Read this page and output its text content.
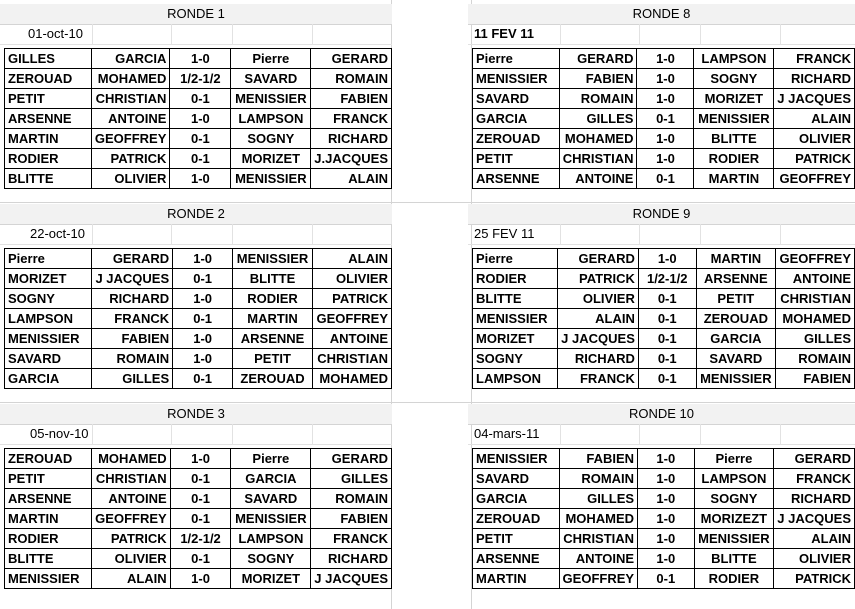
RONDE 1
01-oct-10
GILLES	GARCIA	1-0	Pierre	GERARD
ZEROUAD	MOHAMED	1/2-1/2	SAVARD	ROMAIN
PETIT	CHRISTIAN	0-1	MENISSIER	FABIEN
ARSENNE	ANTOINE	1-0	LAMPSON	FRANCK
MARTIN	GEOFFREY	0-1	SOGNY	RICHARD
RODIER	PATRICK	0-1	MORIZET	J.JACQUES
BLITTE	OLIVIER	1-0	MENISSIER	ALAIN
RONDE 8
11 FEV 11
Pierre	GERARD	1-0	LAMPSON	FRANCK
MENISSIER	FABIEN	1-0	SOGNY	RICHARD
SAVARD	ROMAIN	1-0	MORIZET	J JACQUES
GARCIA	GILLES	0-1	MENISSIER	ALAIN
ZEROUAD	MOHAMED	1-0	BLITTE	OLIVIER
PETIT	CHRISTIAN	1-0	RODIER	PATRICK
ARSENNE	ANTOINE	0-1	MARTIN	GEOFFREY
RONDE 2
22-oct-10
Pierre	GERARD	1-0	MENISSIER	ALAIN
MORIZET	J JACQUES	0-1	BLITTE	OLIVIER
SOGNY	RICHARD	1-0	RODIER	PATRICK
LAMPSON	FRANCK	0-1	MARTIN	GEOFFREY
MENISSIER	FABIEN	1-0	ARSENNE	ANTOINE
SAVARD	ROMAIN	1-0	PETIT	CHRISTIAN
GARCIA	GILLES	0-1	ZEROUAD	MOHAMED
RONDE 9
25 FEV 11
Pierre	GERARD	1-0	MARTIN	GEOFFREY
RODIER	PATRICK	1/2-1/2	ARSENNE	ANTOINE
BLITTE	OLIVIER	0-1	PETIT	CHRISTIAN
MENISSIER	ALAIN	0-1	ZEROUAD	MOHAMED
MORIZET	J JACQUES	0-1	GARCIA	GILLES
SOGNY	RICHARD	0-1	SAVARD	ROMAIN
LAMPSON	FRANCK	0-1	MENISSIER	FABIEN
RONDE 3
05-nov-10
ZEROUAD	MOHAMED	1-0	Pierre	GERARD
PETIT	CHRISTIAN	0-1	GARCIA	GILLES
ARSENNE	ANTOINE	0-1	SAVARD	ROMAIN
MARTIN	GEOFFREY	0-1	MENISSIER	FABIEN
RODIER	PATRICK	1/2-1/2	LAMPSON	FRANCK
BLITTE	OLIVIER	0-1	SOGNY	RICHARD
MENISSIER	ALAIN	1-0	MORIZET	J JACQUES
RONDE 10
04-mars-11
MENISSIER	FABIEN	1-0	Pierre	GERARD
SAVARD	ROMAIN	1-0	LAMPSON	FRANCK
GARCIA	GILLES	1-0	SOGNY	RICHARD
ZEROUAD	MOHAMED	1-0	MORIZEZT	J JACQUES
PETIT	CHRISTIAN	1-0	MENISSIER	ALAIN
ARSENNE	ANTOINE	1-0	BLITTE	OLIVIER
MARTIN	GEOFFREY	0-1	RODIER	PATRICK
